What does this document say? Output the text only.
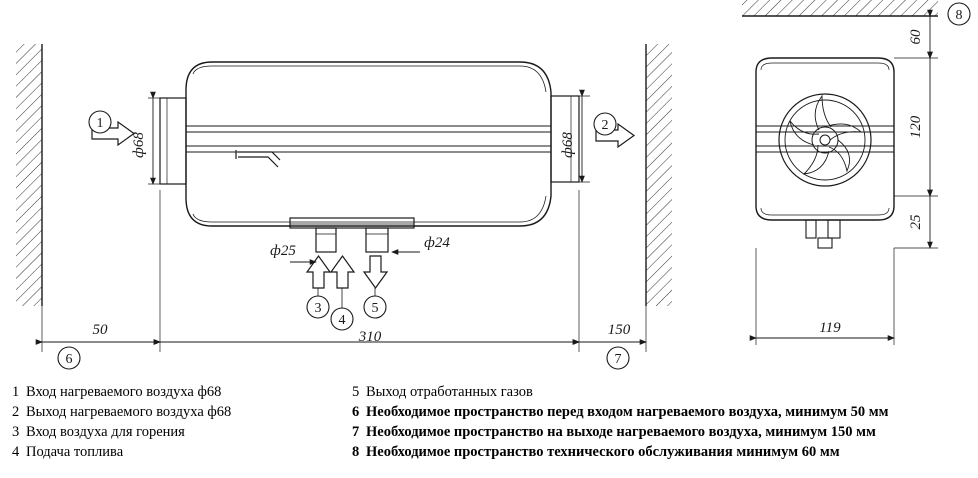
1	2
3
4
5
6	7
8
ф68	ф68
ф25	ф24
50	310	150
60
120
25
119
1 Вход нагреваемого воздуха ф68
2 Выход нагреваемого воздуха ф68
3 Вход воздуха для горения
4 Подача топлива
5 Выход отработанных газов
6 Необходимое пространство перед входом нагреваемого воздуха, минимум 50 мм
7 Необходимое пространство на выходе нагреваемого воздуха, минимум 150 мм
8 Необходимое пространство технического обслуживания минимум 60 мм
